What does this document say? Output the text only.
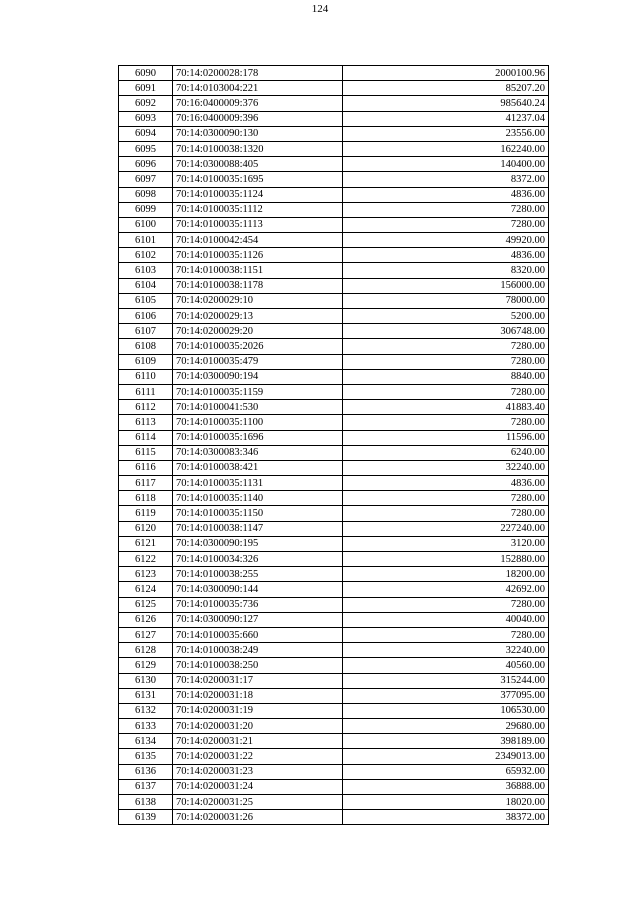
124
6090	70:14:0200028:178	2000100.96
6091	70:14:0103004:221	85207.20
6092	70:16:0400009:376	985640.24
6093	70:16:0400009:396	41237.04
6094	70:14:0300090:130	23556.00
6095	70:14:0100038:1320	162240.00
6096	70:14:0300088:405	140400.00
6097	70:14:0100035:1695	8372.00
6098	70:14:0100035:1124	4836.00
6099	70:14:0100035:1112	7280.00
6100	70:14:0100035:1113	7280.00
6101	70:14:0100042:454	49920.00
6102	70:14:0100035:1126	4836.00
6103	70:14:0100038:1151	8320.00
6104	70:14:0100038:1178	156000.00
6105	70:14:0200029:10	78000.00
6106	70:14:0200029:13	5200.00
6107	70:14:0200029:20	306748.00
6108	70:14:0100035:2026	7280.00
6109	70:14:0100035:479	7280.00
6110	70:14:0300090:194	8840.00
6111	70:14:0100035:1159	7280.00
6112	70:14:0100041:530	41883.40
6113	70:14:0100035:1100	7280.00
6114	70:14:0100035:1696	11596.00
6115	70:14:0300083:346	6240.00
6116	70:14:0100038:421	32240.00
6117	70:14:0100035:1131	4836.00
6118	70:14:0100035:1140	7280.00
6119	70:14:0100035:1150	7280.00
6120	70:14:0100038:1147	227240.00
6121	70:14:0300090:195	3120.00
6122	70:14:0100034:326	152880.00
6123	70:14:0100038:255	18200.00
6124	70:14:0300090:144	42692.00
6125	70:14:0100035:736	7280.00
6126	70:14:0300090:127	40040.00
6127	70:14:0100035:660	7280.00
6128	70:14:0100038:249	32240.00
6129	70:14:0100038:250	40560.00
6130	70:14:0200031:17	315244.00
6131	70:14:0200031:18	377095.00
6132	70:14:0200031:19	106530.00
6133	70:14:0200031:20	29680.00
6134	70:14:0200031:21	398189.00
6135	70:14:0200031:22	2349013.00
6136	70:14:0200031:23	65932.00
6137	70:14:0200031:24	36888.00
6138	70:14:0200031:25	18020.00
6139	70:14:0200031:26	38372.00
